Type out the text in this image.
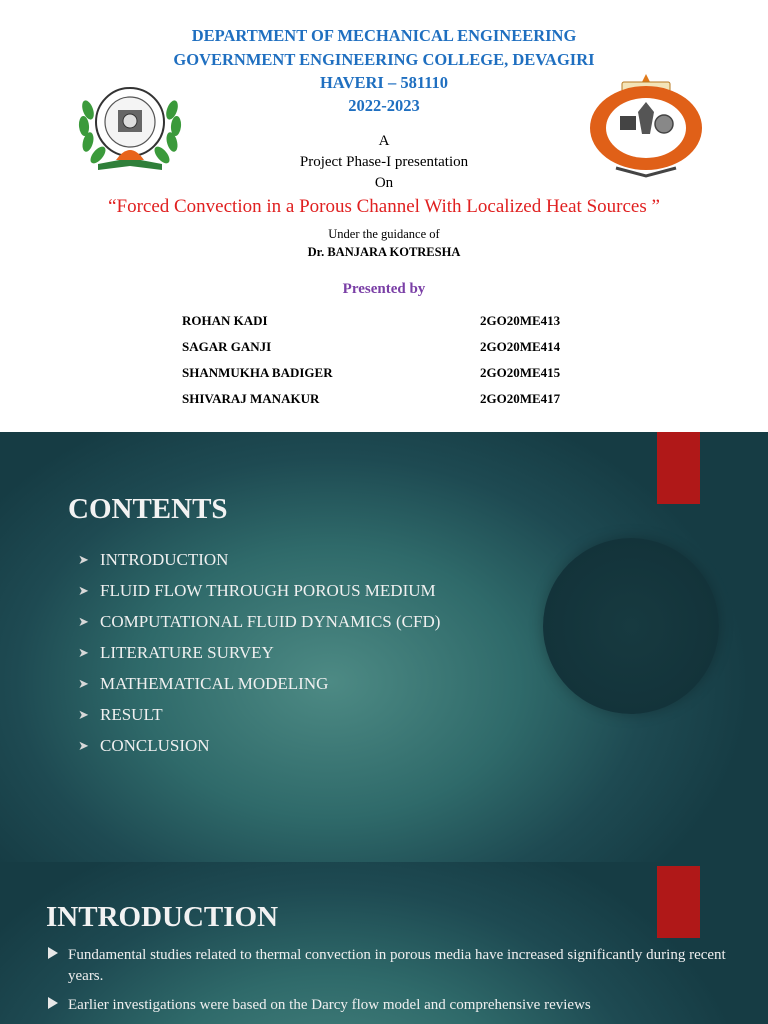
DEPARTMENT OF MECHANICAL ENGINEERING
GOVERNMENT ENGINEERING COLLEGE, DEVAGIRI
HAVERI – 581110
2022-2023
A
Project Phase-I presentation
On
“Forced Convection in a Porous Channel With Localized Heat Sources ”
Under the guidance of
Dr. BANJARA KOTRESHA
Presented by
ROHAN KADI	2GO20ME413
SAGAR GANJI	2GO20ME414
SHANMUKHA BADIGER	2GO20ME415
SHIVARAJ MANAKUR	2GO20ME417
CONTENTS
➤ INTRODUCTION
➤ FLUID FLOW THROUGH POROUS MEDIUM
➤ COMPUTATIONAL FLUID DYNAMICS (CFD)
➤ LITERATURE SURVEY
➤ MATHEMATICAL MODELING
➤ RESULT
➤ CONCLUSION
INTRODUCTION
Fundamental studies related to thermal convection in porous media have increased significantly during recent years.
Earlier investigations were based on the Darcy flow model and comprehensive reviews
